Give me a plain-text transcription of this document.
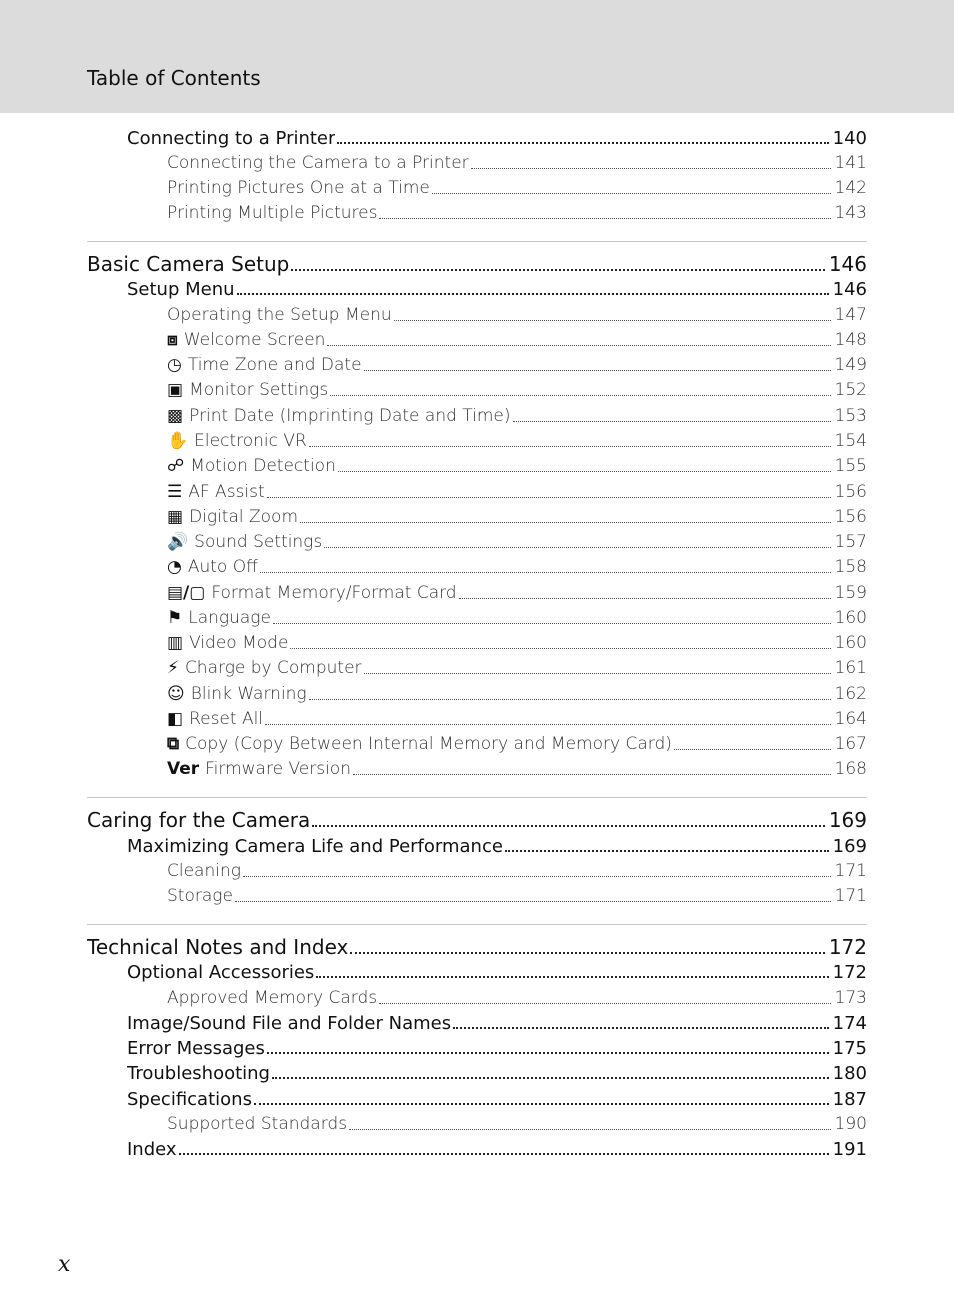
Table of Contents
Connecting to a Printer	140
Connecting the Camera to a Printer	141
Printing Pictures One at a Time	142
Printing Multiple Pictures	143
Basic Camera Setup	146
Setup Menu	146
Operating the Setup Menu	147
⧈ Welcome Screen	148
◷ Time Zone and Date	149
▣ Monitor Settings	152
▩ Print Date (Imprinting Date and Time)	153
✋ Electronic VR	154
☍ Motion Detection	155
☰ AF Assist	156
▦ Digital Zoom	156
🔊 Sound Settings	157
◔ Auto Off	158
▤/▢ Format Memory/Format Card	159
⚑ Language	160
▥ Video Mode	160
⚡ Charge by Computer	161
☺ Blink Warning	162
◧ Reset All	164
⧉ Copy (Copy Between Internal Memory and Memory Card)	167
Ver Firmware Version	168
Caring for the Camera	169
Maximizing Camera Life and Performance	169
Cleaning	171
Storage	171
Technical Notes and Index	172
Optional Accessories	172
Approved Memory Cards	173
Image/Sound File and Folder Names	174
Error Messages	175
Troubleshooting	180
Specifications	187
Supported Standards	190
Index	191
x
